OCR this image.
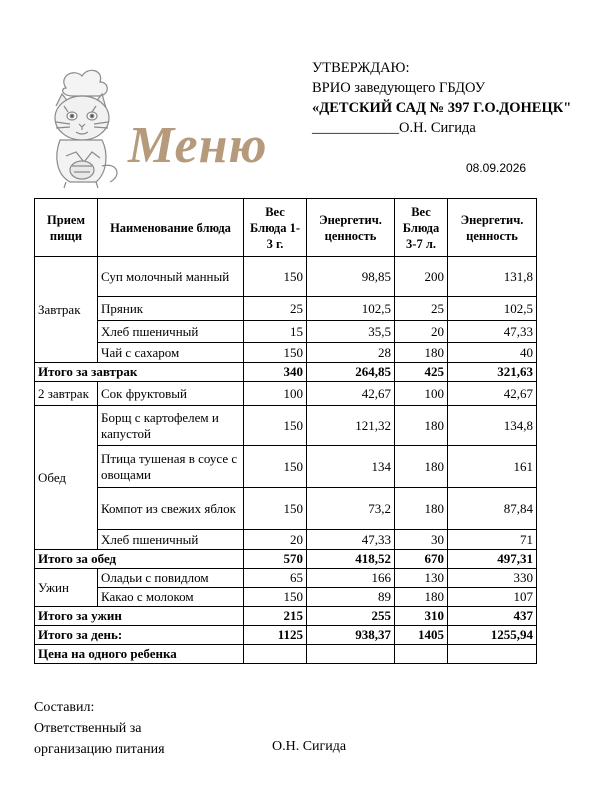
УТВЕРЖДАЮ:
ВРИО заведующего ГБДОУ
«ДЕТСКИЙ САД № 397 Г.О.ДОНЕЦК"
____________О.Н. Сигида
08.09.2026
Меню
Прием пищи	Наименование блюда	Вес Блюда 1-3 г.	Энергетич. ценность	Вес Блюда 3-7 л.	Энергетич. ценность
Завтрак	Суп молочный манный	150	98,85	200	131,8
	Пряник	25	102,5	25	102,5
	Хлеб пшеничный	15	35,5	20	47,33
	Чай с сахаром	150	28	180	40
Итого за завтрак		340	264,85	425	321,63
2 завтрак	Сок фруктовый	100	42,67	100	42,67
Обед	Борщ с картофелем и капустой	150	121,32	180	134,8
	Птица тушеная в соусе с овощами	150	134	180	161
	Компот из свежих яблок	150	73,2	180	87,84
	Хлеб пшеничный	20	47,33	30	71
Итого за обед		570	418,52	670	497,31
Ужин	Оладьи с повидлом	65	166	130	330
	Какао с молоком	150	89	180	107
Итого за ужин		215	255	310	437
Итого за день:		1125	938,37	1405	1255,94
Цена на одного ребенка					
Составил:
Ответственный за
организацию питания	О.Н. Сигида
